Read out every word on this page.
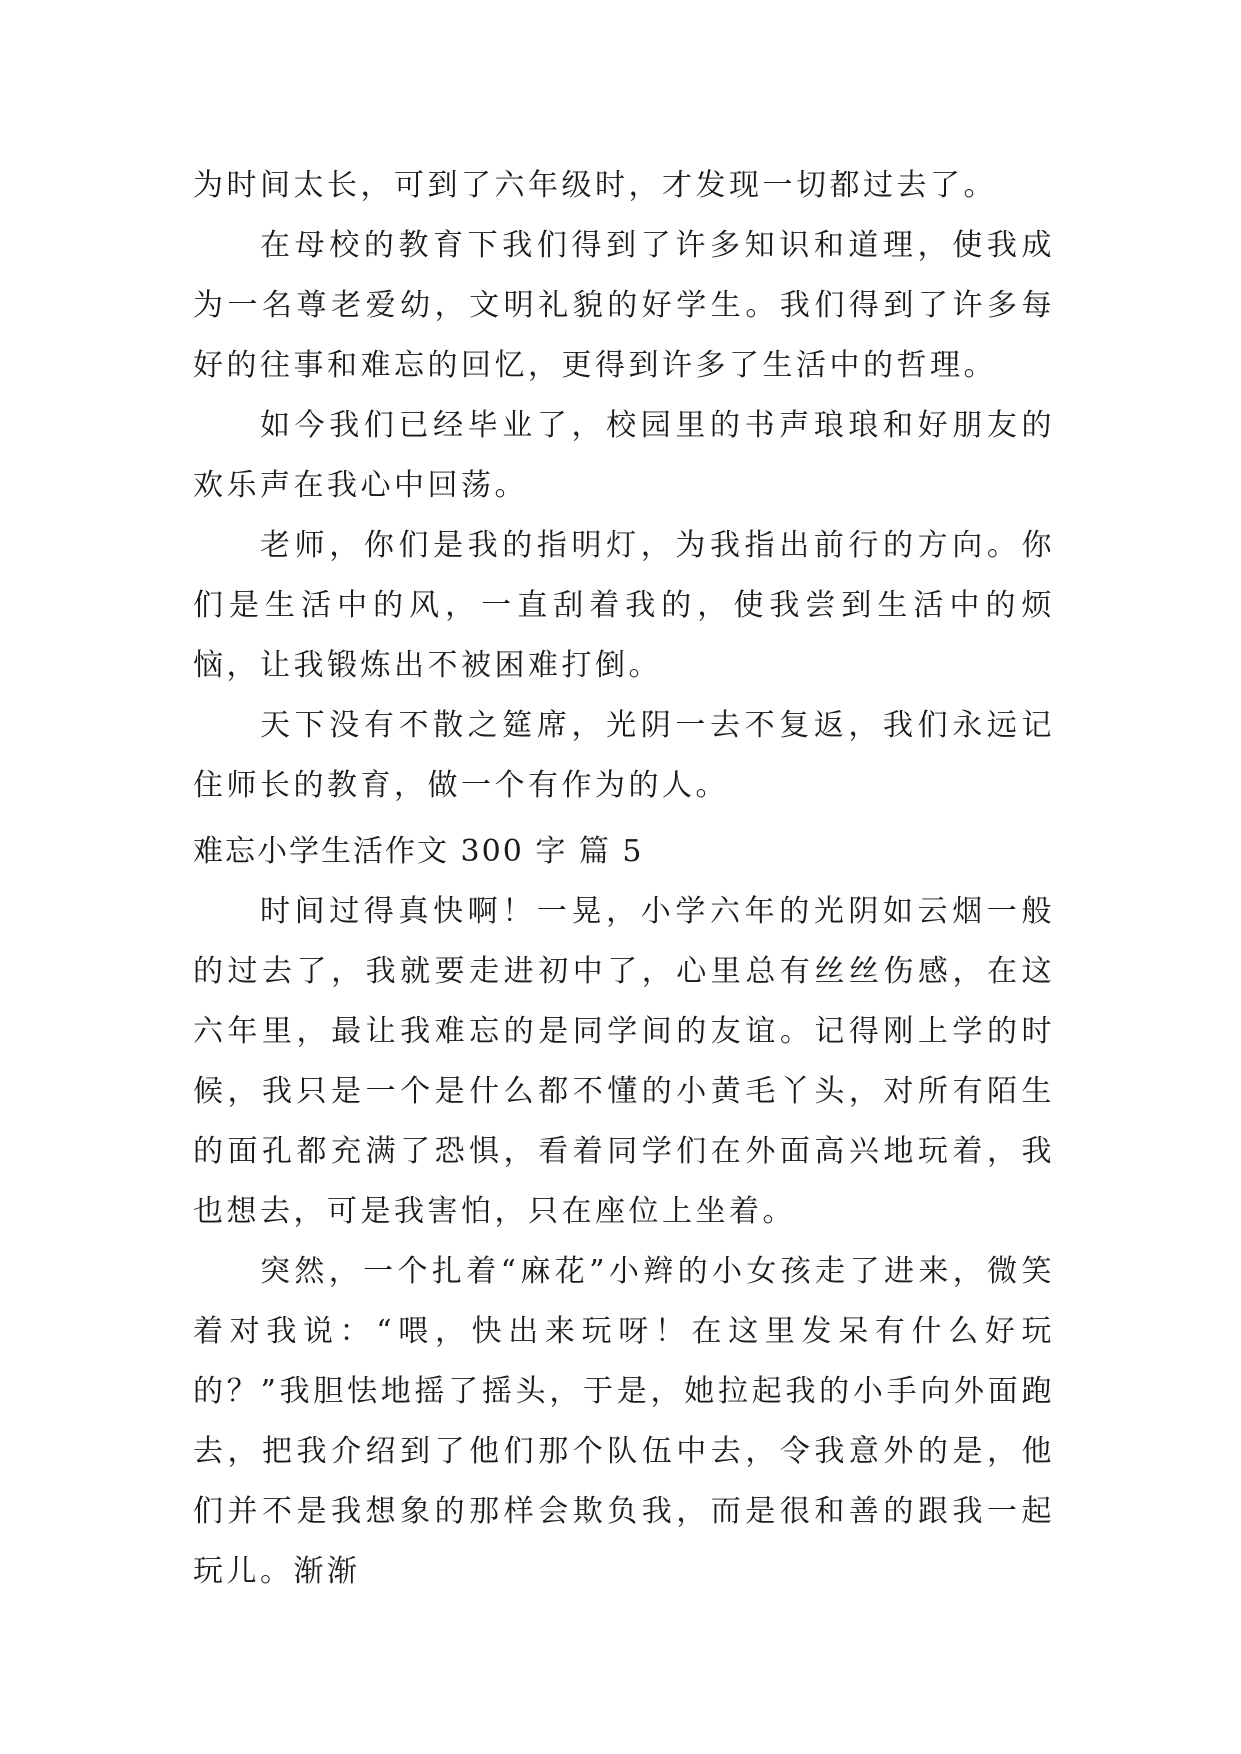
为时间太长，可到了六年级时，才发现一切都过去了。

在母校的教育下我们得到了许多知识和道理，使我成为一名尊老爱幼，文明礼貌的好学生。我们得到了许多每好的往事和难忘的回忆，更得到许多了生活中的哲理。

如今我们已经毕业了，校园里的书声琅琅和好朋友的欢乐声在我心中回荡。

老师，你们是我的指明灯，为我指出前行的方向。你们是生活中的风，一直刮着我的，使我尝到生活中的烦恼，让我锻炼出不被困难打倒。

天下没有不散之筵席，光阴一去不复返，我们永远记住师长的教育，做一个有作为的人。

难忘小学生活作文 300 字 篇 5

时间过得真快啊！一晃，小学六年的光阴如云烟一般的过去了，我就要走进初中了，心里总有丝丝伤感，在这六年里，最让我难忘的是同学间的友谊。记得刚上学的时候，我只是一个是什么都不懂的小黄毛丫头，对所有陌生的面孔都充满了恐惧，看着同学们在外面高兴地玩着，我也想去，可是我害怕，只在座位上坐着。

突然，一个扎着“麻花”小辫的小女孩走了进来，微笑着对我说：“喂，快出来玩呀！在这里发呆有什么好玩的？”我胆怯地摇了摇头，于是，她拉起我的小手向外面跑去，把我介绍到了他们那个队伍中去，令我意外的是，他们并不是我想象的那样会欺负我，而是很和善的跟我一起玩儿。渐渐
